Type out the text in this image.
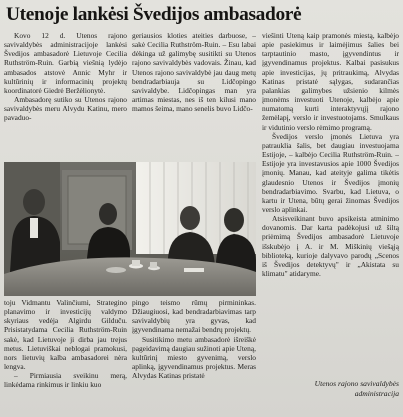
Utenoje lankėsi Švedijos ambasadorė

Kovo 12 d. Utenos rajono savivaldybės administracijoje lankėsi Švedijos ambasadorė Lietuvoje Cecilia Ruthström-Ruin. Garbią viešnią lydėjo ambasados atstovė Annic Myhr ir kultūrinių ir informacinių projektų koordinatorė Giedrė Beržėlionytė.

Ambasadorę sutiko su Utenos rajono savivaldybės meru Alvydu Katinu, mero pavaduo-

geriausios kloties ateities darbuose, – sakė Cecilia Ruthström-Ruin. – Esu labai dėkinga už galimybę susitikti su Utenos rajono savivaldybės vadovais. Žinau, kad Utenos rajono savivaldybė jau daug metų bendradarbiauja su Lidčopingo savivaldybe. Lidčopingas man yra artimas miestas, nes iš ten kilusi mano mamos šeima, mano senelis buvo Lidčo-

viešinti Uteną kaip pramonės miestą, kalbėjo apie pasiekimus ir laimėjimus šalies bei tarptautinio masto, įgyvendintus ir įgyvendinamus projektus. Kalbai pasisukus apie investicijas, jų pritraukimą, Alvydas Katinas pristatė sąlygas, sudarančias palankias galimybes užsienio kilmės įmonėms investuoti Utenoje, kalbėjo apie numatomą kurti interaktyvųjį rajono žemėlapį, verslo ir investuotojams. Smulkaus ir vidutinio verslo rėmimo programą.

Švedijos verslo įmonės Lietuva yra patrauklia šalis, bet daugiau investuojama Estijoje, – kalbėjo Cecilia Ruthström-Ruin. – Estijoje yra investavusios apie 1000 Švedijos įmonių. Manau, kad ateityje galima tikėtis glaudesnio Utenos ir Švedijos įmonių bendradarbiavimo. Svarbu, kad Lietuva, o kartu ir Utena, būtų gerai žinomas Švedijos verslo aplinkai.

Atsisveikinant buvo apsikeista atminimo dovanomis. Dar karta padėkojusi už šiltą priėmimą Švedijos ambasadorė Lietuvoje išskubėjo į A. ir M. Miškinių viešąją biblioteką, kurioje dalyvavo parodų „Scenos iš Švedijos detektyvų" ir „Akistata su klimatu" atidaryme.

toju Vidmantu Valinčiumi, Strategino planavimo ir investicijų valdymo skyriaus vedėja Algirdu Gilduču. Prisistatydama Cecilia Ruthström-Ruin sakė, kad Lietuvoje ji dirba jau trejus metus. Lietuviškai neblogai pramokusi, nors lietuvių kalba ambasadorei nėra lengva.

– Pirmiausia sveikinu merą, linkėdama rinkimus ir linkiu kuo

pingo teismo rūmų pirmininkas. Džiaugiuosi, kad bendradarbiavimas tarp savivaldybių yra gyvas, kad įgyvendinama nemažai bendrų projektų.

Susitikimo metu ambasadorė išreiškė pageidavimą daugiau sužinoti apie Uteną, kultūrinį miesto gyvenimą, verslo aplinką, įgyvendinamus projektus. Meras Alvydas Katinas pristatė

Utenos rajono savivaldybės
administracija
